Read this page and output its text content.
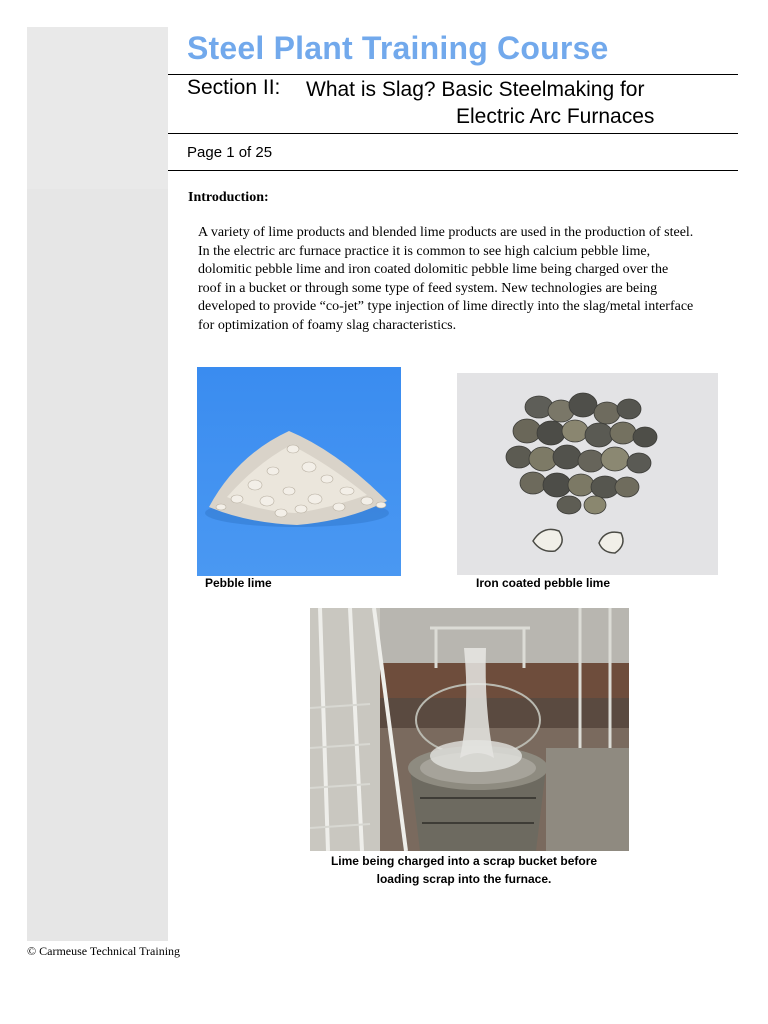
Steel Plant Training Course
Section II: What is Slag? Basic Steelmaking for
Electric Arc Furnaces
Page 1 of 25
Introduction:
A variety of lime products and blended lime products are used in the production of steel.
In the electric arc furnace practice it is common to see high calcium pebble lime,
dolomitic pebble lime and iron coated dolomitic pebble lime being charged over the
roof in a bucket or through some type of feed system. New technologies are being
developed to provide “co-jet” type injection of lime directly into the slag/metal interface
for optimization of foamy slag characteristics.
Pebble lime	Iron coated pebble lime
Lime being charged into a scrap bucket before
loading scrap into the furnace.
© Carmeuse Technical Training
